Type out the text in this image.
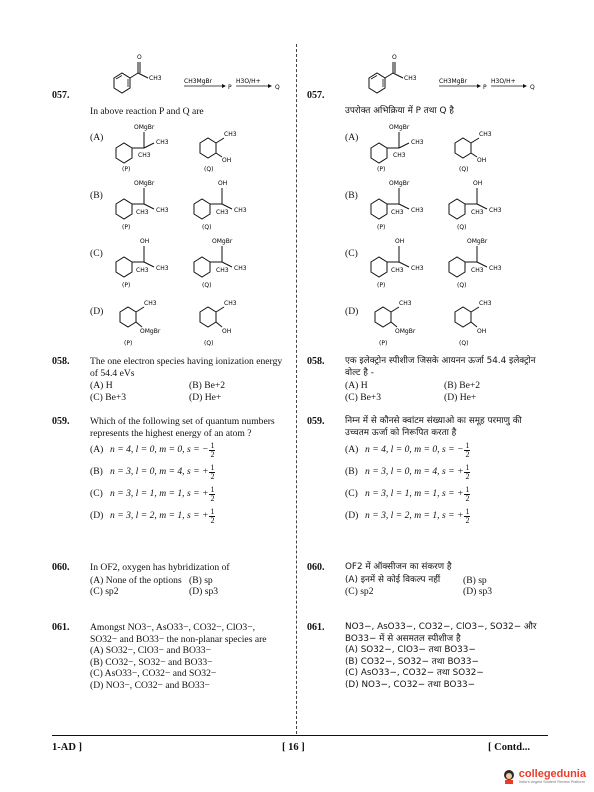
057.
O
CH3	CH3MgBr
P
H3O/H+
Q
In above reaction P and Q are
(A)
OMgBr
CH3
CH3
(P)
CH3
OH
(Q)
(B)
OMgBr
CH3
CH3
(P)
OH
CH3
CH3
(Q)
(C)
OH
CH3
CH3
(P)
OMgBr
CH3
CH3
(Q)
(D)
CH3
OMgBr
(P)
CH3
OH
(Q)
058. The one electron species having ionization energy of 54.4 eVs
(A) H	(B) Be+2
(C) Be+3	(D) He+
059. Which of the following set of quantum numbers represents the highest energy of an atom ?
(A) n = 4, l = 0, m = 0, s = − $\frac{1}{2}$
(B) n = 3, l = 0, m = 4, s = + $\frac{1}{2}$
(C) n = 3, l = 1, m = 1, s = + $\frac{1}{2}$
(D) n = 3, l = 2, m = 1, s = + $\frac{1}{2}$
060. In OF2, oxygen has hybridization of
(A) None of the options (B) sp
(C) sp2	(D) sp3
061. Amongst NO3−, AsO33−, CO32−, ClO3−, SO32− and BO33− the non-planar species are
(A) SO32−, ClO3− and BO33−
(B) CO32−, SO32− and BO33−
(C) AsO33−, CO32− and SO32−
(D) NO3−, CO32− and BO33−
057.
O
CH3	CH3MgBr
P
H3O/H+
Q
उपरोक्त अभिक्रिया में P तथा Q है
(A)
OMgBr
CH3
CH3
(P)
CH3
OH
(Q)
(B)
OMgBr
CH3
CH3
(P)
OH
CH3
CH3
(Q)
(C)
OH
CH3
CH3
(P)
OMgBr
CH3
CH3
(Q)
(D)
CH3
OMgBr
(P)
CH3
OH
(Q)
058. एक इलेक्ट्रोन स्पीशीज जिसके आयनन ऊर्जा 54.4 इलेक्ट्रोन वोल्ट है -
(A) H	(B) Be+2
(C) Be+3	(D) He+
059. निम्न में से कौनसे क्वांटम संख्याओ का समूह परमाणु की उच्चतम ऊर्जा को निरूपित करता है
(A) n = 4, l = 0, m = 0, s = − $\frac{1}{2}$
(B) n = 3, l = 0, m = 4, s = + $\frac{1}{2}$
(C) n = 3, l = 1, m = 1, s = + $\frac{1}{2}$
(D) n = 3, l = 2, m = 1, s = + $\frac{1}{2}$
060. OF2 में ऑक्सीजन का संकरण है
(A) इनमें से कोई विकल्प नहीं	(B) sp
(C) sp2	(D) sp3
061. NO3−, AsO33−, CO32−, ClO3−, SO32− और BO33− में से असमतल स्पीशीज है
(A) SO32−, ClO3− तथा BO33−
(B) CO32−, SO32− तथा BO33−
(C) AsO33−, CO32− तथा SO32−
(D) NO3−, CO32− तथा BO33−
1-AD ]	[ 16 ]	[ Contd...
collegedunia
India's largest Student Review Platform
